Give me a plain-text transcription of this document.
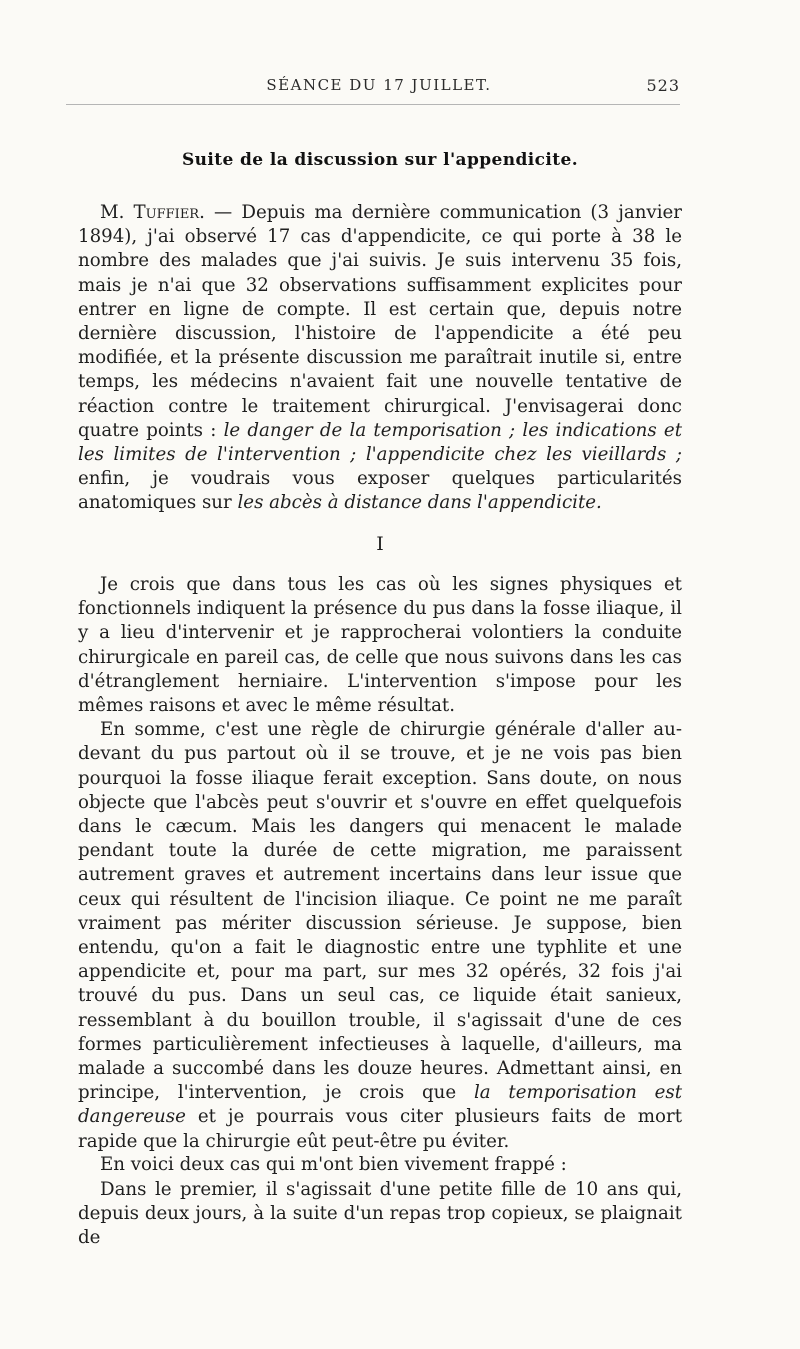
SÉANCE DU 17 JUILLET.	523
Suite de la discussion sur l'appendicite.

M. Tuffier. — Depuis ma dernière communication (3 janvier 1894), j'ai observé 17 cas d'appendicite, ce qui porte à 38 le nombre des malades que j'ai suivis. Je suis intervenu 35 fois, mais je n'ai que 32 observations suffisamment explicites pour entrer en ligne de compte. Il est certain que, depuis notre dernière discussion, l'histoire de l'appendicite a été peu modifiée, et la présente discussion me paraîtrait inutile si, entre temps, les médecins n'avaient fait une nouvelle tentative de réaction contre le traitement chirurgical. J'envisagerai donc quatre points : le danger de la temporisation ; les indications et les limites de l'intervention ; l'appendicite chez les vieillards ; enfin, je voudrais vous exposer quelques particularités anatomiques sur les abcès à distance dans l'appendicite.

I

Je crois que dans tous les cas où les signes physiques et fonctionnels indiquent la présence du pus dans la fosse iliaque, il y a lieu d'intervenir et je rapprocherai volontiers la conduite chirurgicale en pareil cas, de celle que nous suivons dans les cas d'étranglement herniaire. L'intervention s'impose pour les mêmes raisons et avec le même résultat.

En somme, c'est une règle de chirurgie générale d'aller au-devant du pus partout où il se trouve, et je ne vois pas bien pourquoi la fosse iliaque ferait exception. Sans doute, on nous objecte que l'abcès peut s'ouvrir et s'ouvre en effet quelquefois dans le cæcum. Mais les dangers qui menacent le malade pendant toute la durée de cette migration, me paraissent autrement graves et autrement incertains dans leur issue que ceux qui résultent de l'incision iliaque. Ce point ne me paraît vraiment pas mériter discussion sérieuse. Je suppose, bien entendu, qu'on a fait le diagnostic entre une typhlite et une appendicite et, pour ma part, sur mes 32 opérés, 32 fois j'ai trouvé du pus. Dans un seul cas, ce liquide était sanieux, ressemblant à du bouillon trouble, il s'agissait d'une de ces formes particulièrement infectieuses à laquelle, d'ailleurs, ma malade a succombé dans les douze heures. Admettant ainsi, en principe, l'intervention, je crois que la temporisation est dangereuse et je pourrais vous citer plusieurs faits de mort rapide que la chirurgie eût peut-être pu éviter.

En voici deux cas qui m'ont bien vivement frappé :

Dans le premier, il s'agissait d'une petite fille de 10 ans qui, depuis deux jours, à la suite d'un repas trop copieux, se plaignait de
